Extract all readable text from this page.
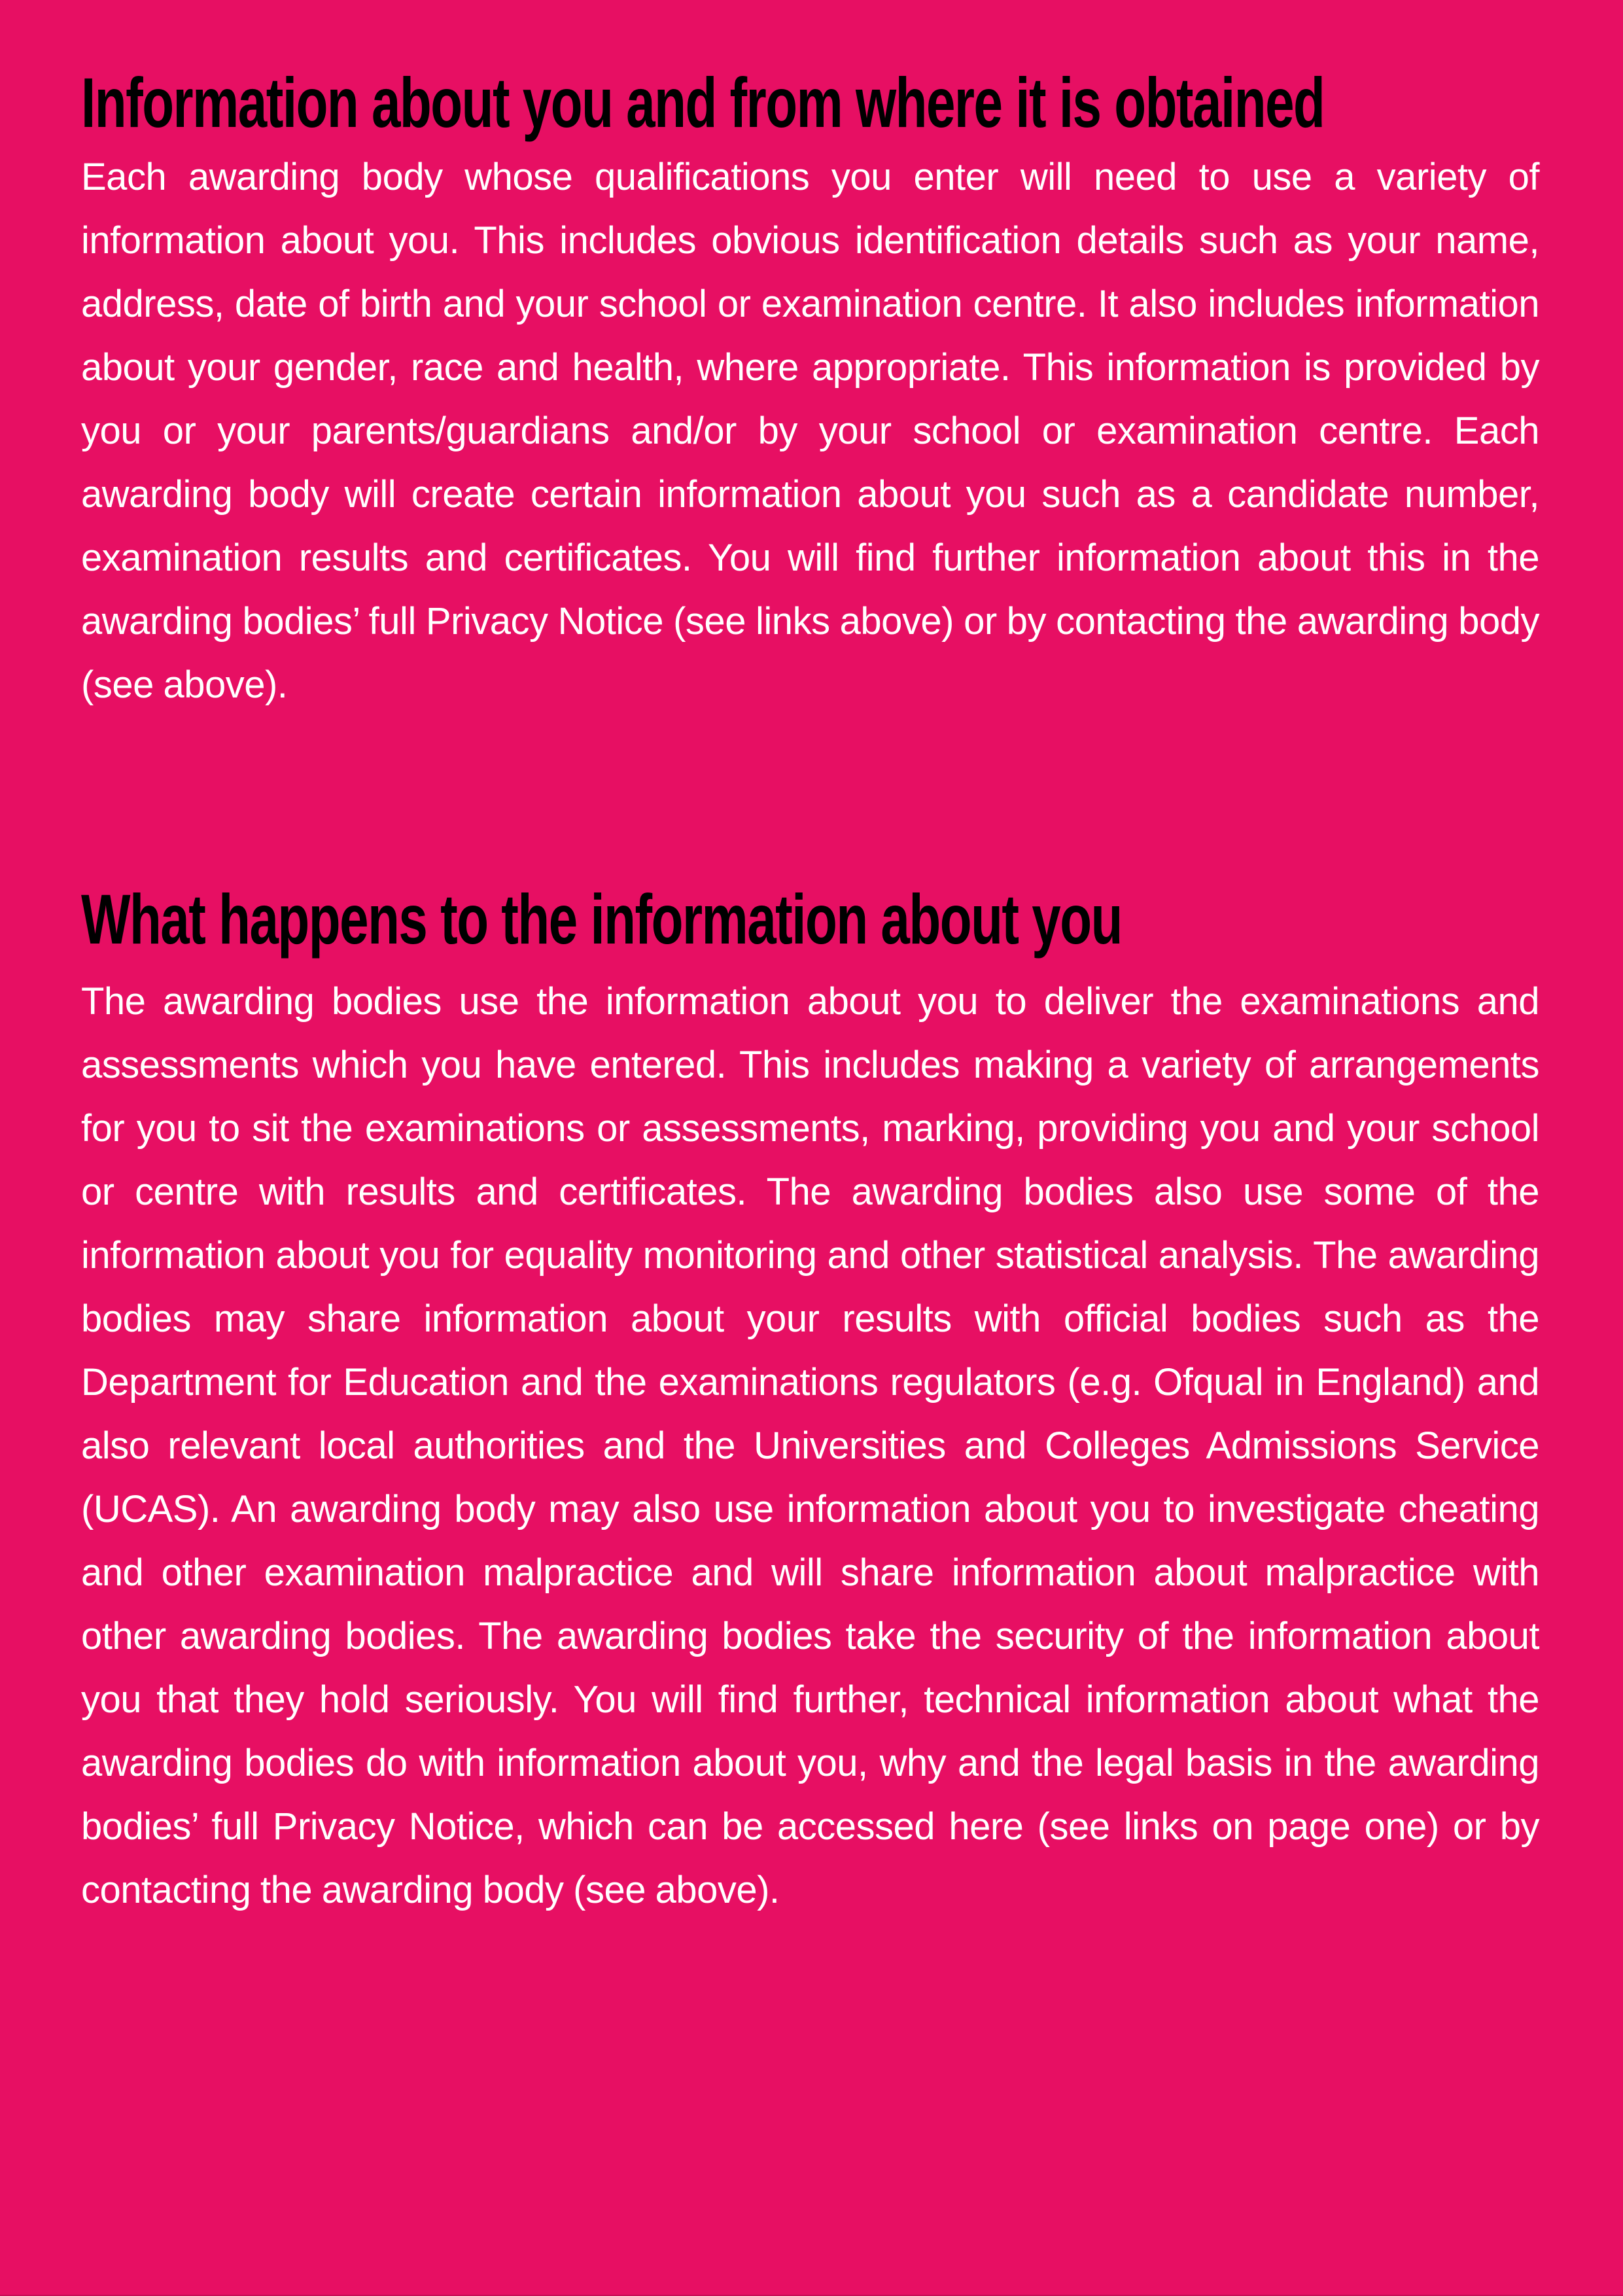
Information about you and from where it is obtained

Each awarding body whose qualifications you enter will need to use a variety of information about you. This includes obvious identification details such as your name, address, date of birth and your school or examination centre. It also includes information about your gender, race and health, where appropriate. This information is provided by you or your parents/guardians and/or by your school or examination centre. Each awarding body will create certain information about you such as a candidate number, examination results and certificates. You will find further information about this in the awarding bodies’ full Privacy Notice (see links above) or by contacting the awarding body (see above).

What happens to the information about you

The awarding bodies use the information about you to deliver the examinations and assessments which you have entered. This includes making a variety of arrangements for you to sit the examinations or assessments, marking, providing you and your school or centre with results and certificates. The awarding bodies also use some of the information about you for equality monitoring and other statistical analysis. The awarding bodies may share information about your results with official bodies such as the Department for Education and the examinations regulators (e.g. Ofqual in England) and also relevant local authorities and the Universities and Colleges Admissions Service (UCAS). An awarding body may also use information about you to investigate cheating and other examination malpractice and will share information about malpractice with other awarding bodies. The awarding bodies take the security of the information about you that they hold seriously. You will find further, technical information about what the awarding bodies do with information about you, why and the legal basis in the awarding bodies’ full Privacy Notice, which can be accessed here (see links on page one) or by contacting the awarding body (see above).
